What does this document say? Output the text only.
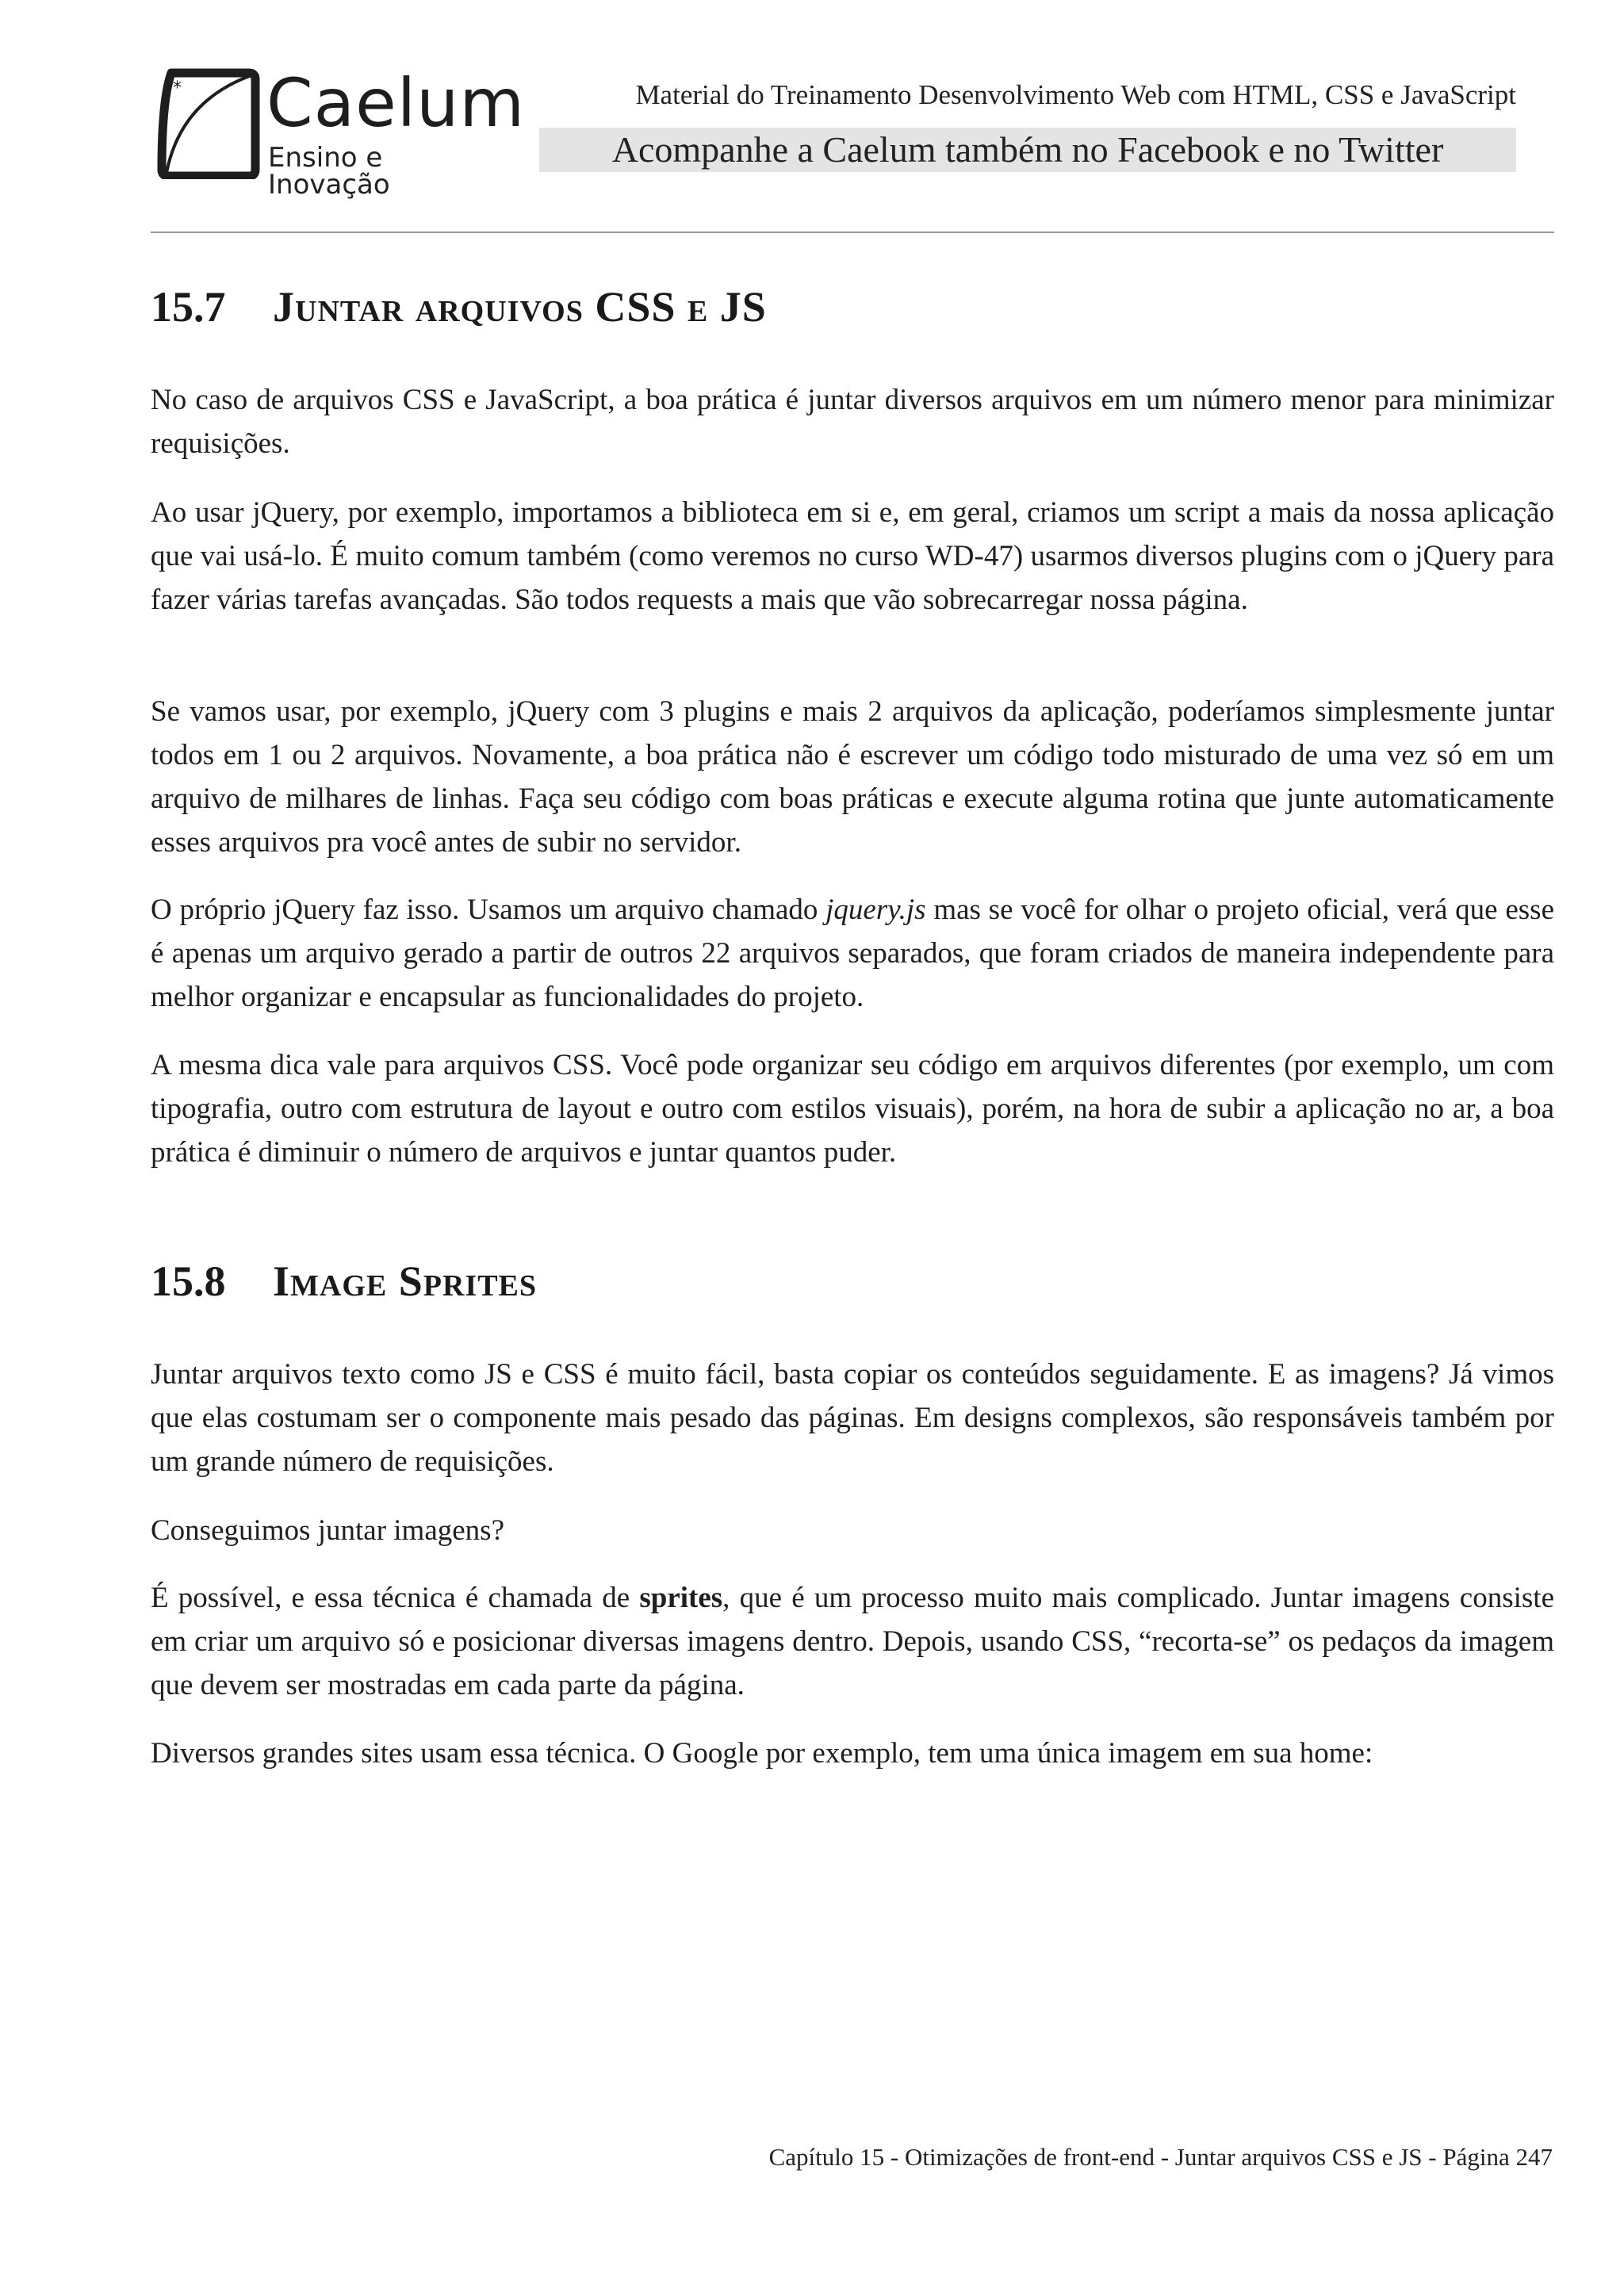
* Caelum
Ensino e Inovação
Material do Treinamento Desenvolvimento Web com HTML, CSS e JavaScript
Acompanhe a Caelum também no Facebook e no Twitter
15.7 Juntar arquivos CSS e JS

No caso de arquivos CSS e JavaScript, a boa prática é juntar diversos arquivos em um número menor para minimizar requisições.

Ao usar jQuery, por exemplo, importamos a biblioteca em si e, em geral, criamos um script a mais da nossa aplicação que vai usá-lo. É muito comum também (como veremos no curso WD-47) usarmos diversos plugins com o jQuery para fazer várias tarefas avançadas. São todos requests a mais que vão sobrecarregar nossa página.

Se vamos usar, por exemplo, jQuery com 3 plugins e mais 2 arquivos da aplicação, poderíamos simplesmente juntar todos em 1 ou 2 arquivos. Novamente, a boa prática não é escrever um código todo misturado de uma vez só em um arquivo de milhares de linhas. Faça seu código com boas práticas e execute alguma rotina que junte automaticamente esses arquivos pra você antes de subir no servidor.

O próprio jQuery faz isso. Usamos um arquivo chamado jquery.js mas se você for olhar o projeto oficial, verá que esse é apenas um arquivo gerado a partir de outros 22 arquivos separados, que foram criados de maneira independente para melhor organizar e encapsular as funcionalidades do projeto.

A mesma dica vale para arquivos CSS. Você pode organizar seu código em arquivos diferentes (por exemplo, um com tipografia, outro com estrutura de layout e outro com estilos visuais), porém, na hora de subir a aplicação no ar, a boa prática é diminuir o número de arquivos e juntar quantos puder.

15.8 Image Sprites

Juntar arquivos texto como JS e CSS é muito fácil, basta copiar os conteúdos seguidamente. E as imagens? Já vimos que elas costumam ser o componente mais pesado das páginas. Em designs complexos, são responsáveis também por um grande número de requisições.

Conseguimos juntar imagens?

É possível, e essa técnica é chamada de sprites, que é um processo muito mais complicado. Juntar imagens consiste em criar um arquivo só e posicionar diversas imagens dentro. Depois, usando CSS, “recorta-se” os pedaços da imagem que devem ser mostradas em cada parte da página.

Diversos grandes sites usam essa técnica. O Google por exemplo, tem uma única imagem em sua home:

Capítulo 15 - Otimizações de front-end - Juntar arquivos CSS e JS - Página 247
